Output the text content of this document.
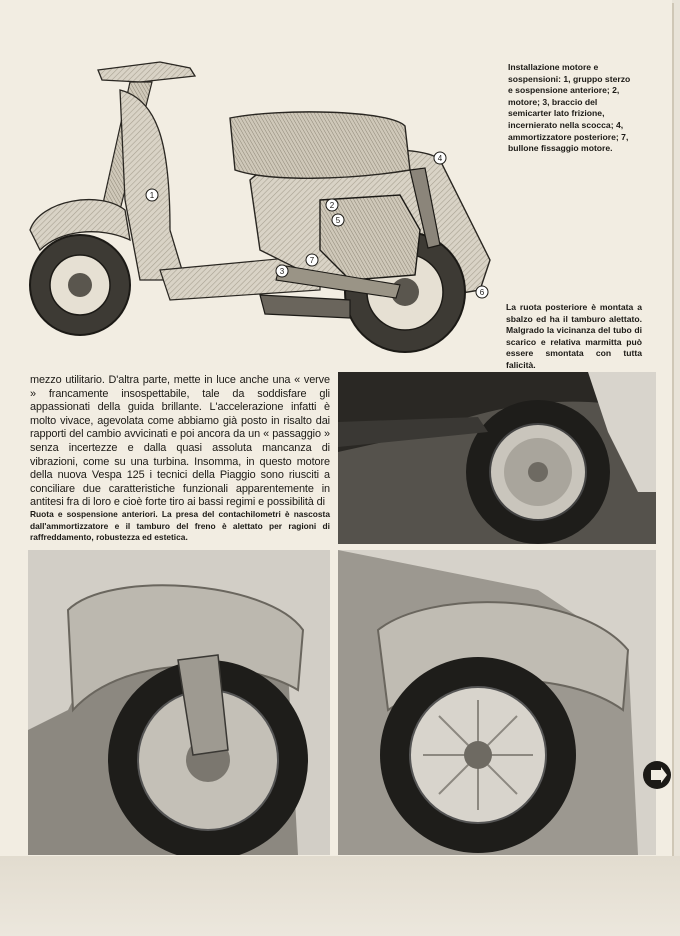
1
2
3
4
5
6
7
Installazione motore e sospensioni: 1, gruppo sterzo e sospensione anteriore; 2, motore; 3, braccio del semicarter lato frizione, incernierato nella scocca; 4, ammortizzatore posteriore; 7, bullone fissaggio motore.
La ruota posteriore è montata a sbalzo ed ha il tamburo alettato. Malgrado la vicinanza del tubo di scarico e relativa marmitta può essere smontata con tutta falicità.
mezzo utilitario. D'altra parte, mette in luce anche una « verve » francamente insospettabile, tale da soddisfare gli appassionati della guida brillante. L'accelerazione infatti è molto vivace, agevolata come abbiamo già posto in risalto dai rapporti del cambio avvicinati e poi ancora da un « passaggio » senza incertezze e dalla quasi assoluta mancanza di vibrazioni, come su una turbina. Insomma, in questo motore della nuova Vespa 125 i tecnici della Piaggio sono riusciti a conciliare due caratteristiche funzionali apparentemente in antitesi fra di loro e cioè forte tiro ai bassi regimi e possibilità di
Ruota e sospensione anteriori. La presa del contachilometri è nascosta dall'ammortizzatore e il tamburo del freno è alettato per ragioni di raffreddamento, robustezza ed estetica.
